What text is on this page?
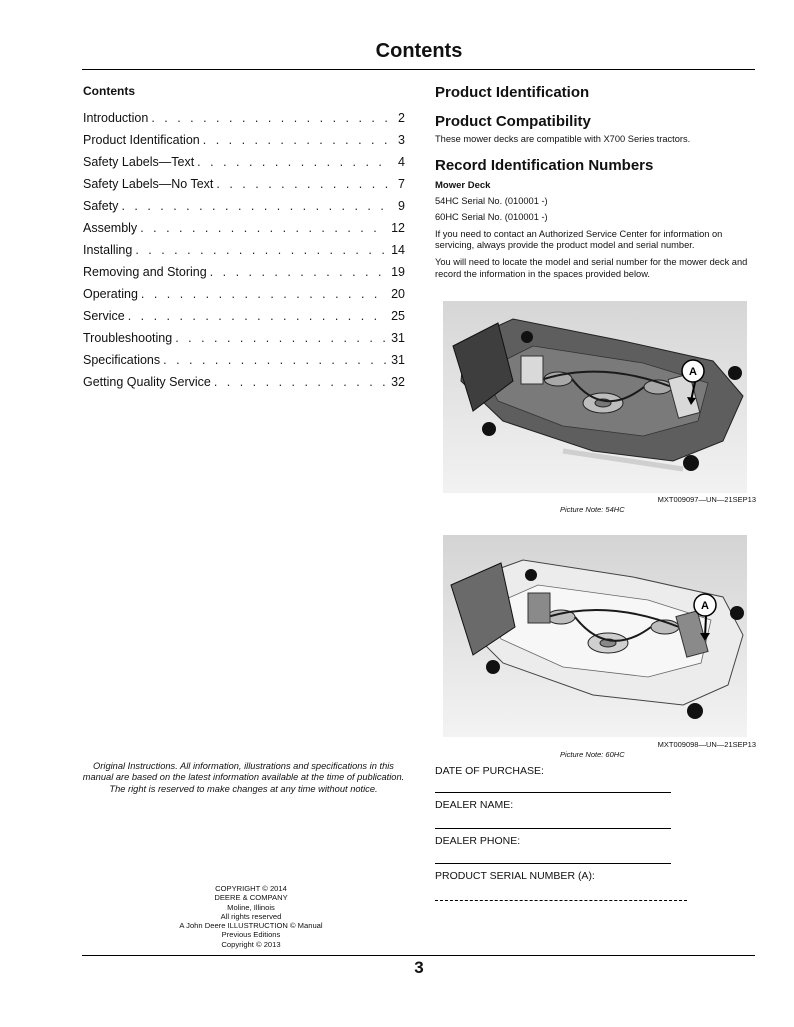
Contents
Contents
Introduction . . .	2
Product Identification . . .	3
Safety Labels—Text . . .	4
Safety Labels—No Text . . .	7
Safety . . .	9
Assembly . . .	12
Installing . . .	14
Removing and Storing . . .	19
Operating . . .	20
Service . . .	25
Troubleshooting . . .	31
Specifications . . .	31
Getting Quality Service . . .	32
Original Instructions. All information, illustrations and specifications in this manual are based on the latest information available at the time of publication.
The right is reserved to make changes at any time without notice.
COPYRIGHT © 2014
DEERE & COMPANY
Moline, Illinois
All rights reserved
A John Deere ILLUSTRUCTION © Manual
Previous Editions
Copyright © 2013
Product Identification
Product Compatibility
These mower decks are compatible with X700 Series tractors.
Record Identification Numbers
Mower Deck
54HC Serial No. (010001 -)
60HC Serial No. (010001 -)
If you need to contact an Authorized Service Center for information on servicing, always provide the product model and serial number.
You will need to locate the model and serial number for the mower deck and record the information in the spaces provided below.
A
MXT009097—UN—21SEP13
Picture Note: 54HC
A
MXT009098—UN—21SEP13
Picture Note: 60HC
DATE OF PURCHASE:
DEALER NAME:
DEALER PHONE:
PRODUCT SERIAL NUMBER (A):
3
